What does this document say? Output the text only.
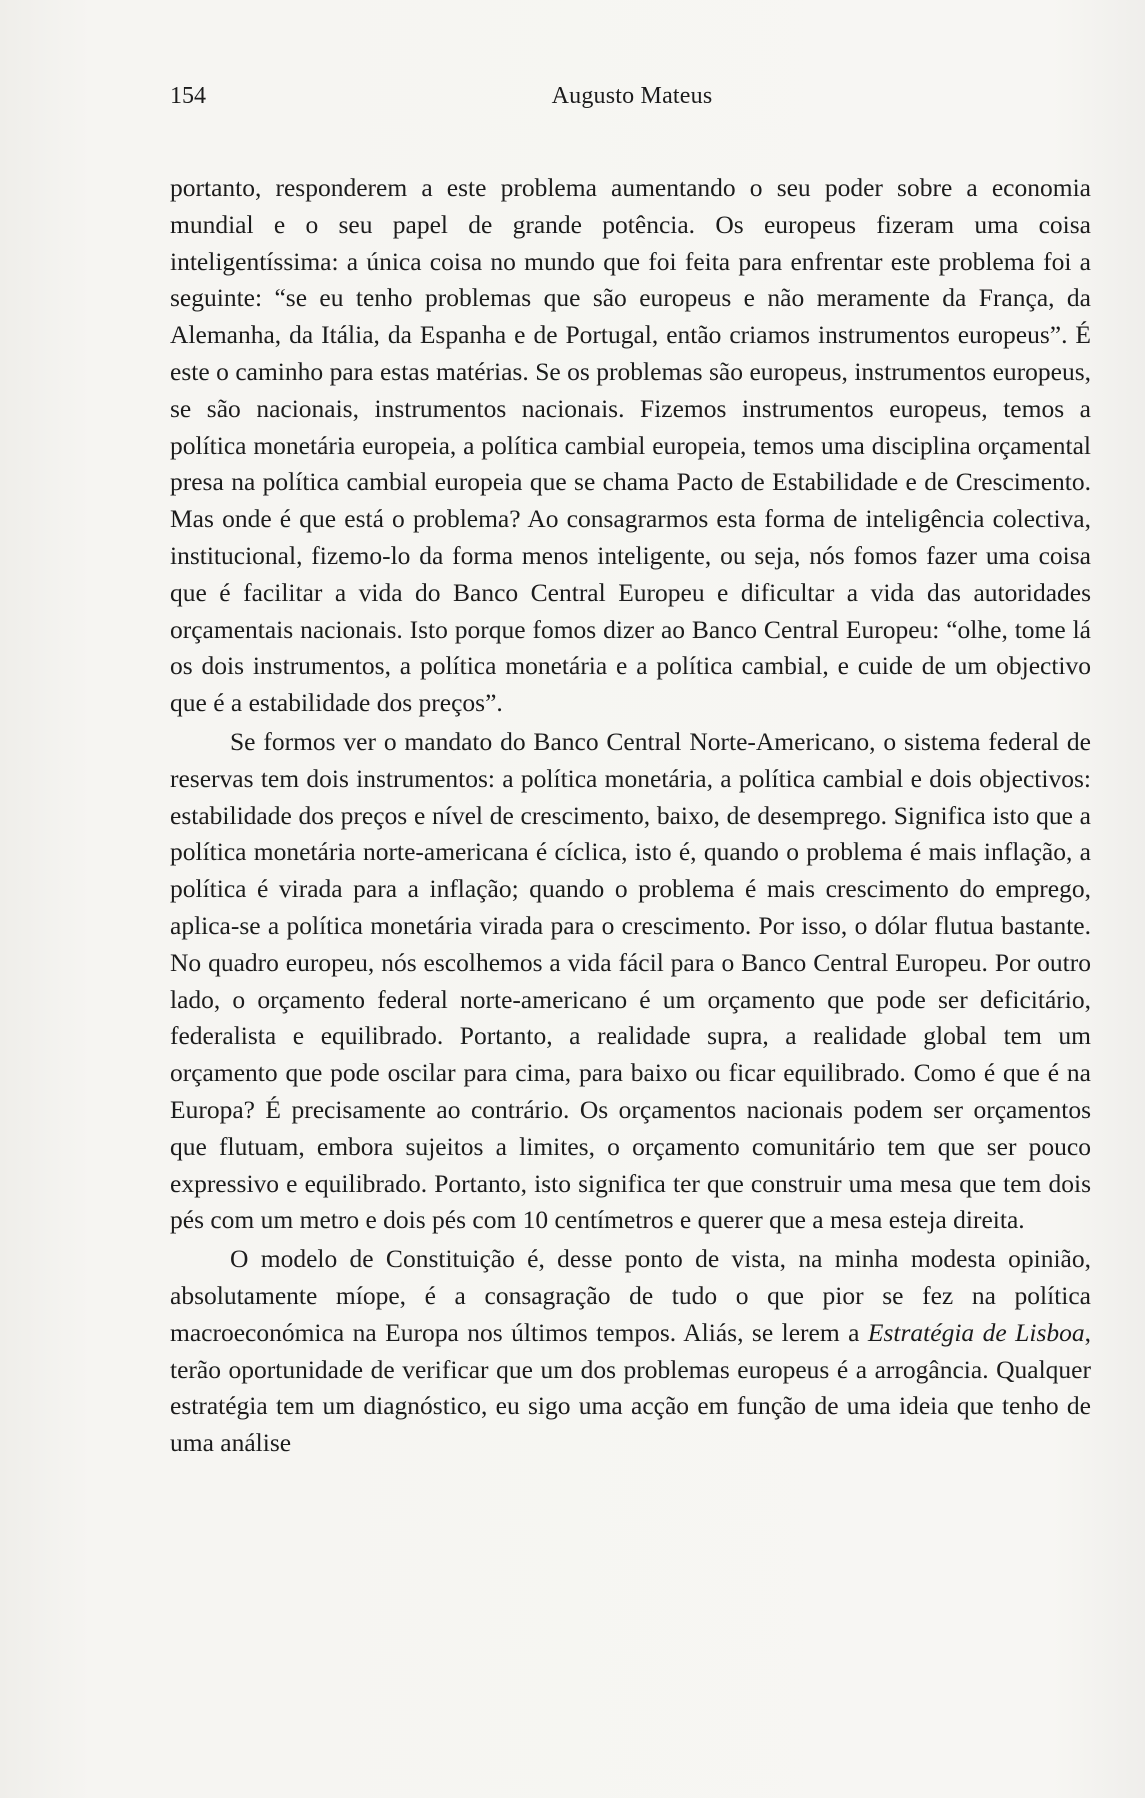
154	Augusto Mateus

portanto, responderem a este problema aumentando o seu poder sobre a economia mundial e o seu papel de grande potência. Os europeus fizeram uma coisa inteligentíssima: a única coisa no mundo que foi feita para enfrentar este problema foi a seguinte: “se eu tenho problemas que são europeus e não meramente da França, da Alemanha, da Itália, da Espanha e de Portugal, então criamos instrumentos europeus”. É este o caminho para estas matérias. Se os problemas são europeus, instrumentos europeus, se são nacionais, instrumentos nacionais. Fizemos instrumentos europeus, temos a política monetária europeia, a política cambial europeia, temos uma disciplina orçamental presa na política cambial europeia que se chama Pacto de Estabilidade e de Crescimento. Mas onde é que está o problema? Ao consagrarmos esta forma de inteligência colectiva, institucional, fizemo-lo da forma menos inteligente, ou seja, nós fomos fazer uma coisa que é facilitar a vida do Banco Central Europeu e dificultar a vida das autoridades orçamentais nacionais. Isto porque fomos dizer ao Banco Central Europeu: “olhe, tome lá os dois instrumentos, a política monetária e a política cambial, e cuide de um objectivo que é a estabilidade dos preços”.

Se formos ver o mandato do Banco Central Norte-Americano, o sistema federal de reservas tem dois instrumentos: a política monetária, a política cambial e dois objectivos: estabilidade dos preços e nível de crescimento, baixo, de desemprego. Significa isto que a política monetária norte-americana é cíclica, isto é, quando o problema é mais inflação, a política é virada para a inflação; quando o problema é mais crescimento do emprego, aplica-se a política monetária virada para o crescimento. Por isso, o dólar flutua bastante. No quadro europeu, nós escolhemos a vida fácil para o Banco Central Europeu. Por outro lado, o orçamento federal norte-americano é um orçamento que pode ser deficitário, federalista e equilibrado. Portanto, a realidade supra, a realidade global tem um orçamento que pode oscilar para cima, para baixo ou ficar equilibrado. Como é que é na Europa? É precisamente ao contrário. Os orçamentos nacionais podem ser orçamentos que flutuam, embora sujeitos a limites, o orçamento comunitário tem que ser pouco expressivo e equilibrado. Portanto, isto significa ter que construir uma mesa que tem dois pés com um metro e dois pés com 10 centímetros e querer que a mesa esteja direita.

O modelo de Constituição é, desse ponto de vista, na minha modesta opinião, absolutamente míope, é a consagração de tudo o que pior se fez na política macroeconómica na Europa nos últimos tempos. Aliás, se lerem a Estratégia de Lisboa, terão oportunidade de verificar que um dos problemas europeus é a arrogância. Qualquer estratégia tem um diagnóstico, eu sigo uma acção em função de uma ideia que tenho de uma análise
